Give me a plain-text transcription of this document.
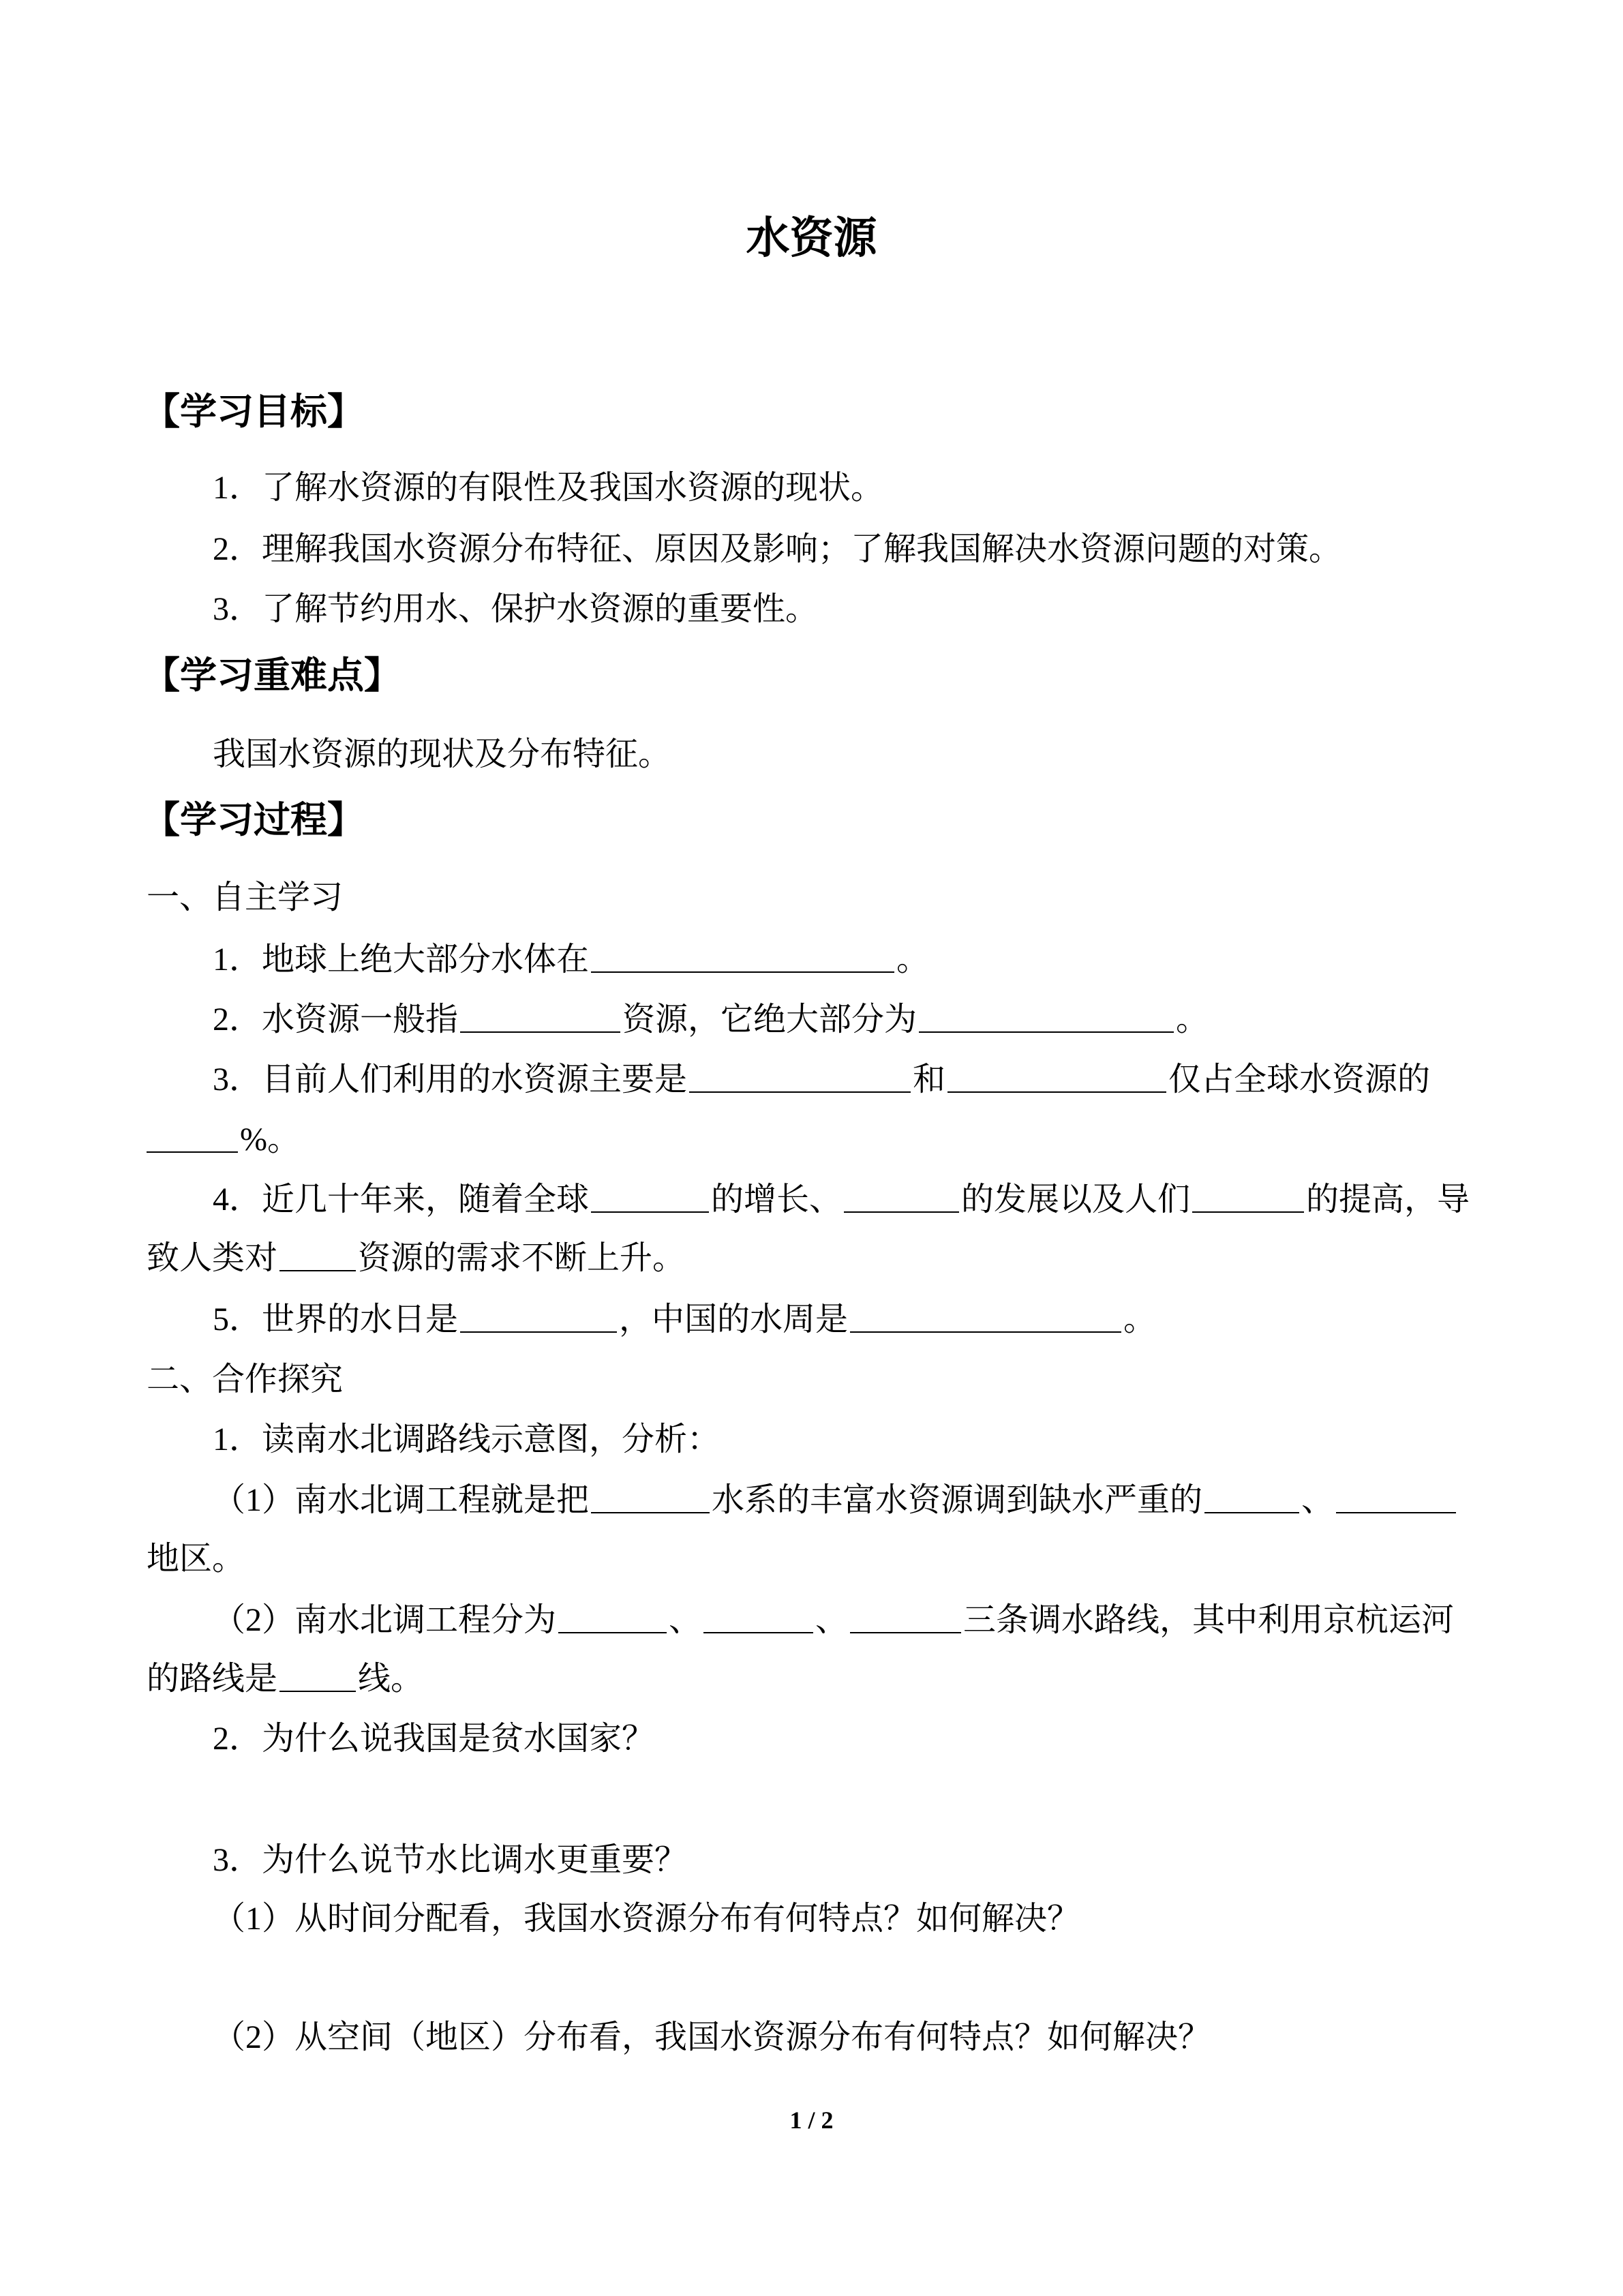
水资源
【学习目标】
1．了解水资源的有限性及我国水资源的现状。
2．理解我国水资源分布特征、原因及影响；了解我国解决水资源问题的对策。
3．了解节约用水、保护水资源的重要性。
【学习重难点】
我国水资源的现状及分布特征。
【学习过程】
一、自主学习
1．地球上绝大部分水体在	。
2．水资源一般指	资源，它绝大部分为	。
3．目前人们利用的水资源主要是	和	仅占全球水资源的
%。
4．近几十年来，随着全球	的增长、	的发展以及人们	的提高，导
致人类对 资源的需求不断上升。
5．世界的水日是	，中国的水周是	。
二、合作探究
1．读南水北调路线示意图，分析：
（1）南水北调工程就是把	水系的丰富水资源调到缺水严重的	、
地区。
（2）南水北调工程分为	、	、	三条调水路线，其中利用京杭运河
的路线是 线。
2．为什么说我国是贫水国家？
3．为什么说节水比调水更重要？
（1）从时间分配看，我国水资源分布有何特点？如何解决？
（2）从空间（地区）分布看，我国水资源分布有何特点？如何解决？
1 / 2
